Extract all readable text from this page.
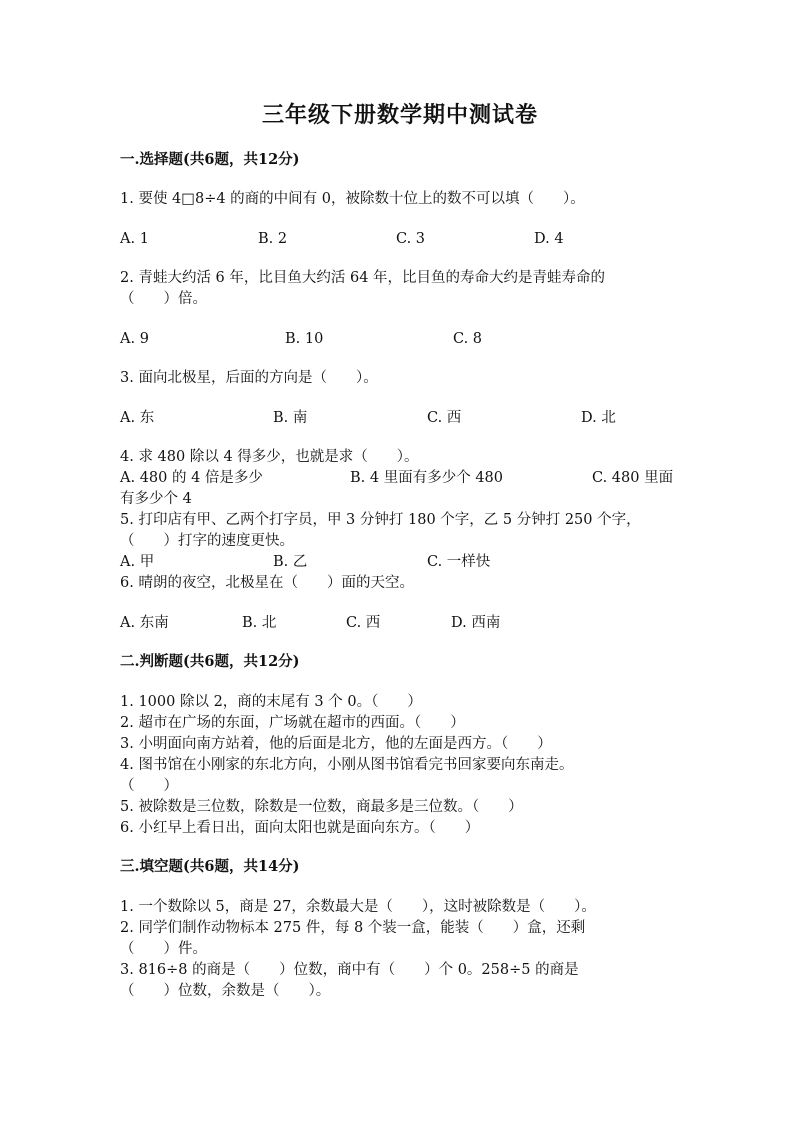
三年级下册数学期中测试卷
一.选择题(共6题，共12分)
1. 要使 4□8÷4 的商的中间有 0，被除数十位上的数不可以填（　　）。
A. 1	B. 2	C. 3	D. 4
2. 青蛙大约活 6 年，比目鱼大约活 64 年，比目鱼的寿命大约是青蛙寿命的
（　　）倍。
A. 9	B. 10	C. 8
3. 面向北极星，后面的方向是（　　）。
A. 东	B. 南	C. 西	D. 北
4. 求 480 除以 4 得多少，也就是求（　　）。
A. 480 的 4 倍是多少	B. 4 里面有多少个 480	C. 480 里面
有多少个 4
5. 打印店有甲、乙两个打字员，甲 3 分钟打 180 个字，乙 5 分钟打 250 个字，
（　　）打字的速度更快。
A. 甲	B. 乙	C. 一样快
6. 晴朗的夜空，北极星在（　　）面的天空。
A. 东南	B. 北	C. 西	D. 西南
二.判断题(共6题，共12分)
1. 1000 除以 2，商的末尾有 3 个 0。（　　）
2. 超市在广场的东面，广场就在超市的西面。（　　）
3. 小明面向南方站着，他的后面是北方，他的左面是西方。（　　）
4. 图书馆在小刚家的东北方向，小刚从图书馆看完书回家要向东南走。
（　　）
5. 被除数是三位数，除数是一位数，商最多是三位数。（　　）
6. 小红早上看日出，面向太阳也就是面向东方。（　　）
三.填空题(共6题，共14分)
1. 一个数除以 5，商是 27，余数最大是（　　），这时被除数是（　　）。
2. 同学们制作动物标本 275 件，每 8 个装一盒，能装（　　）盒，还剩
（　　）件。
3. 816÷8 的商是（　　）位数，商中有（　　）个 0。258÷5 的商是
（　　）位数，余数是（　　）。
